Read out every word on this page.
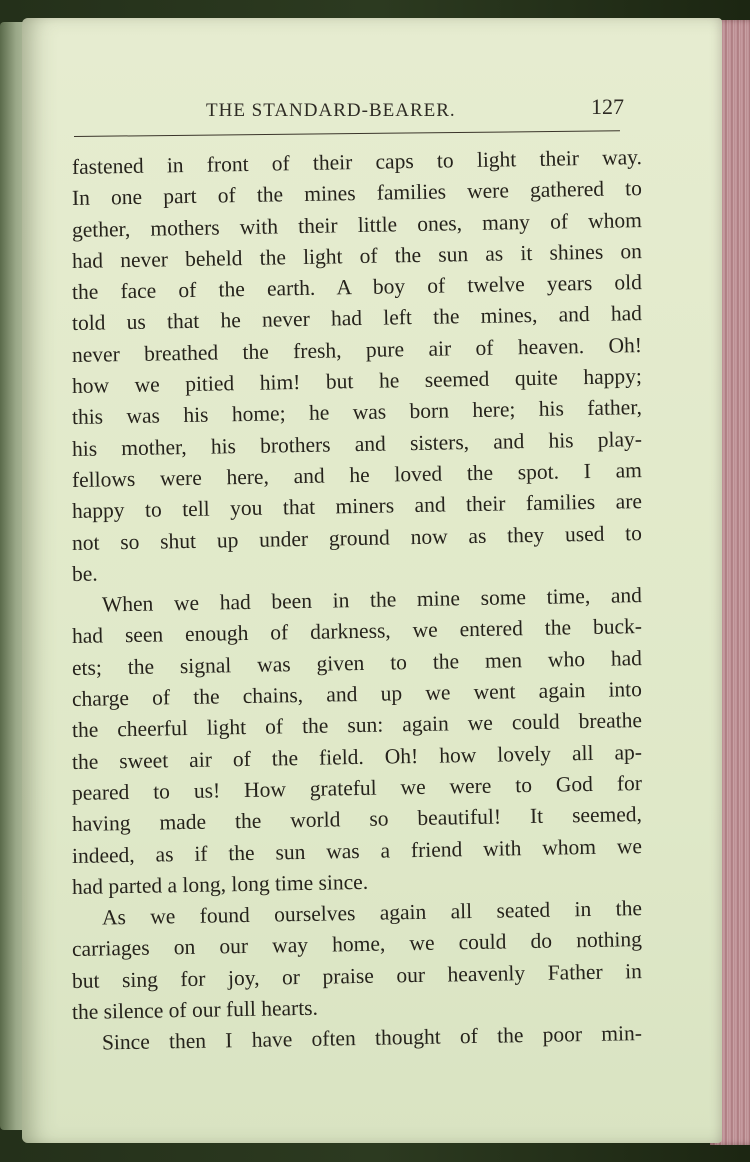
THE STANDARD-BEARER.	127
fastened in front of their caps to light their way.
In one part of the mines families were gathered to
gether, mothers with their little ones, many of whom
had never beheld the light of the sun as it shines on
the face of the earth. A boy of twelve years old
told us that he never had left the mines, and had
never breathed the fresh, pure air of heaven. Oh!
how we pitied him! but he seemed quite happy;
this was his home; he was born here; his father,
his mother, his brothers and sisters, and his play-
fellows were here, and he loved the spot. I am
happy to tell you that miners and their families are
not so shut up under ground now as they used to
be.
When we had been in the mine some time, and
had seen enough of darkness, we entered the buck-
ets; the signal was given to the men who had
charge of the chains, and up we went again into
the cheerful light of the sun: again we could breathe
the sweet air of the field. Oh! how lovely all ap-
peared to us! How grateful we were to God for
having made the world so beautiful! It seemed,
indeed, as if the sun was a friend with whom we
had parted a long, long time since.
As we found ourselves again all seated in the
carriages on our way home, we could do nothing
but sing for joy, or praise our heavenly Father in
the silence of our full hearts.
Since then I have often thought of the poor min-
